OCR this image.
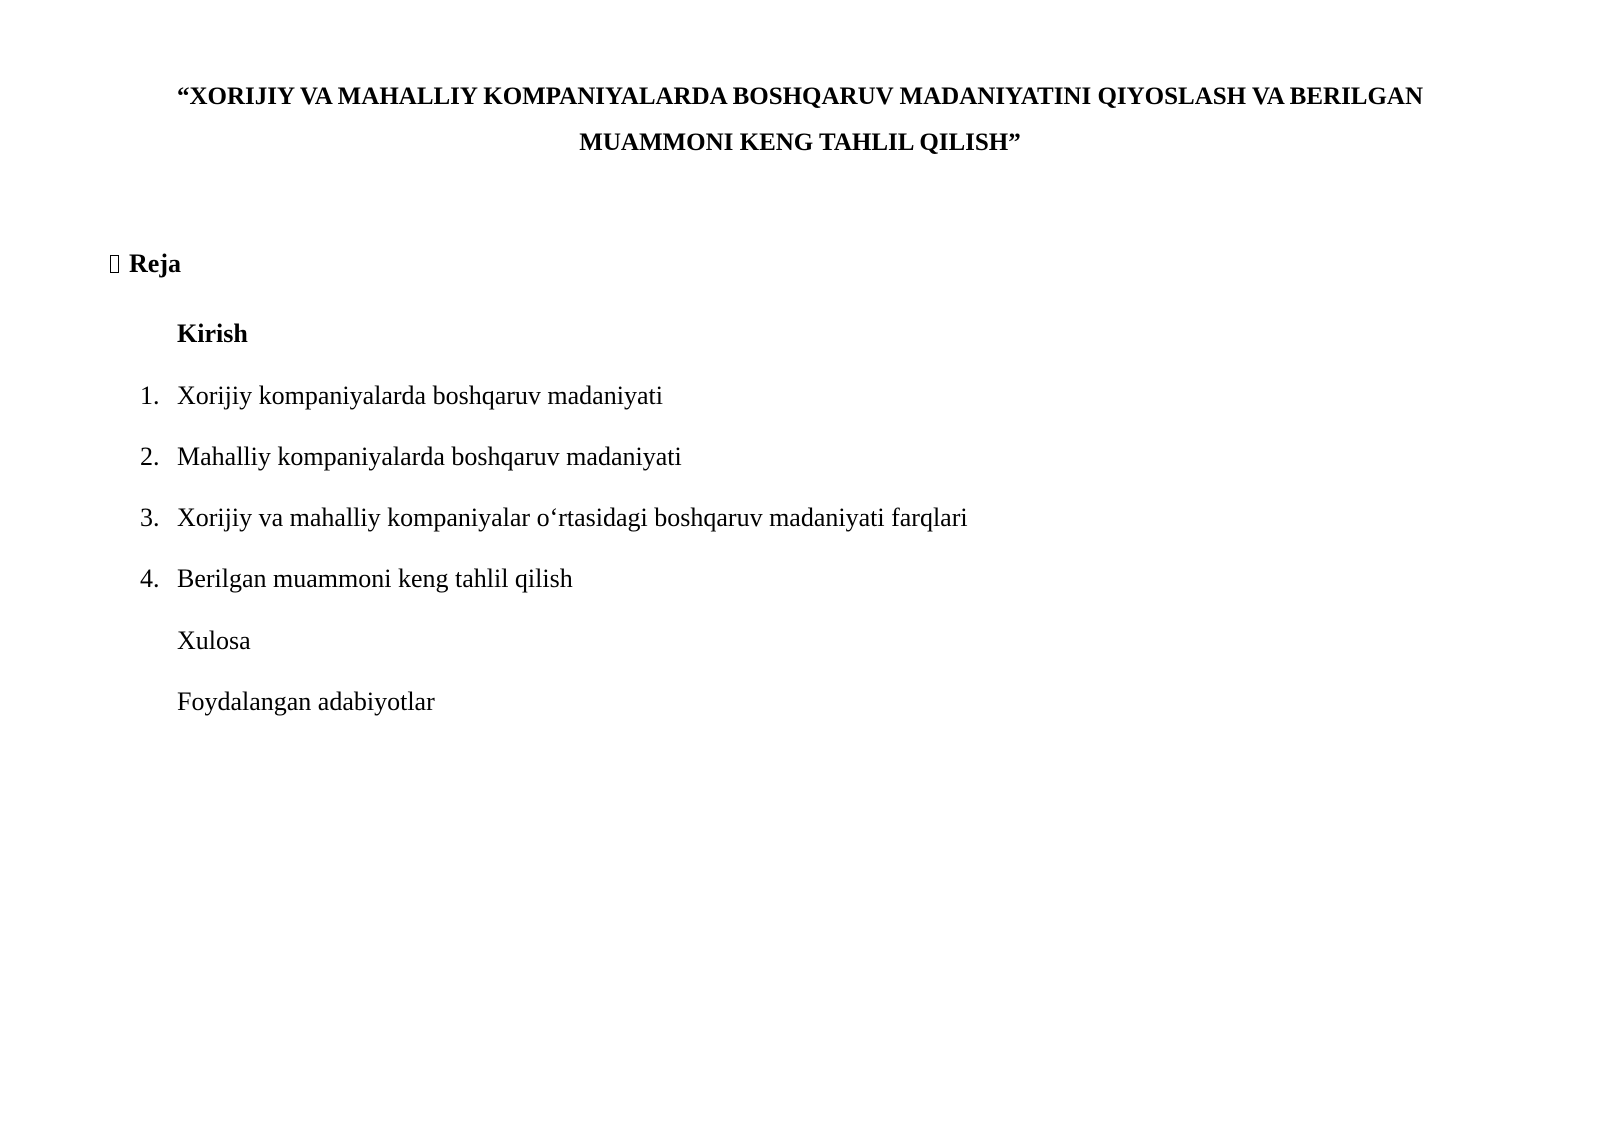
“XORIJIY VA MAHALLIY KOMPANIYALARDA BOSHQARUV MADANIYATINI QIYOSLASH VA BERILGAN MUAMMONI KENG TAHLIL QILISH”
Reja
Kirish
1. Xorijiy kompaniyalarda boshqaruv madaniyati
2. Mahalliy kompaniyalarda boshqaruv madaniyati
3. Xorijiy va mahalliy kompaniyalar o‘rtasidagi boshqaruv madaniyati farqlari
4. Berilgan muammoni keng tahlil qilish
Xulosa
Foydalangan adabiyotlar
